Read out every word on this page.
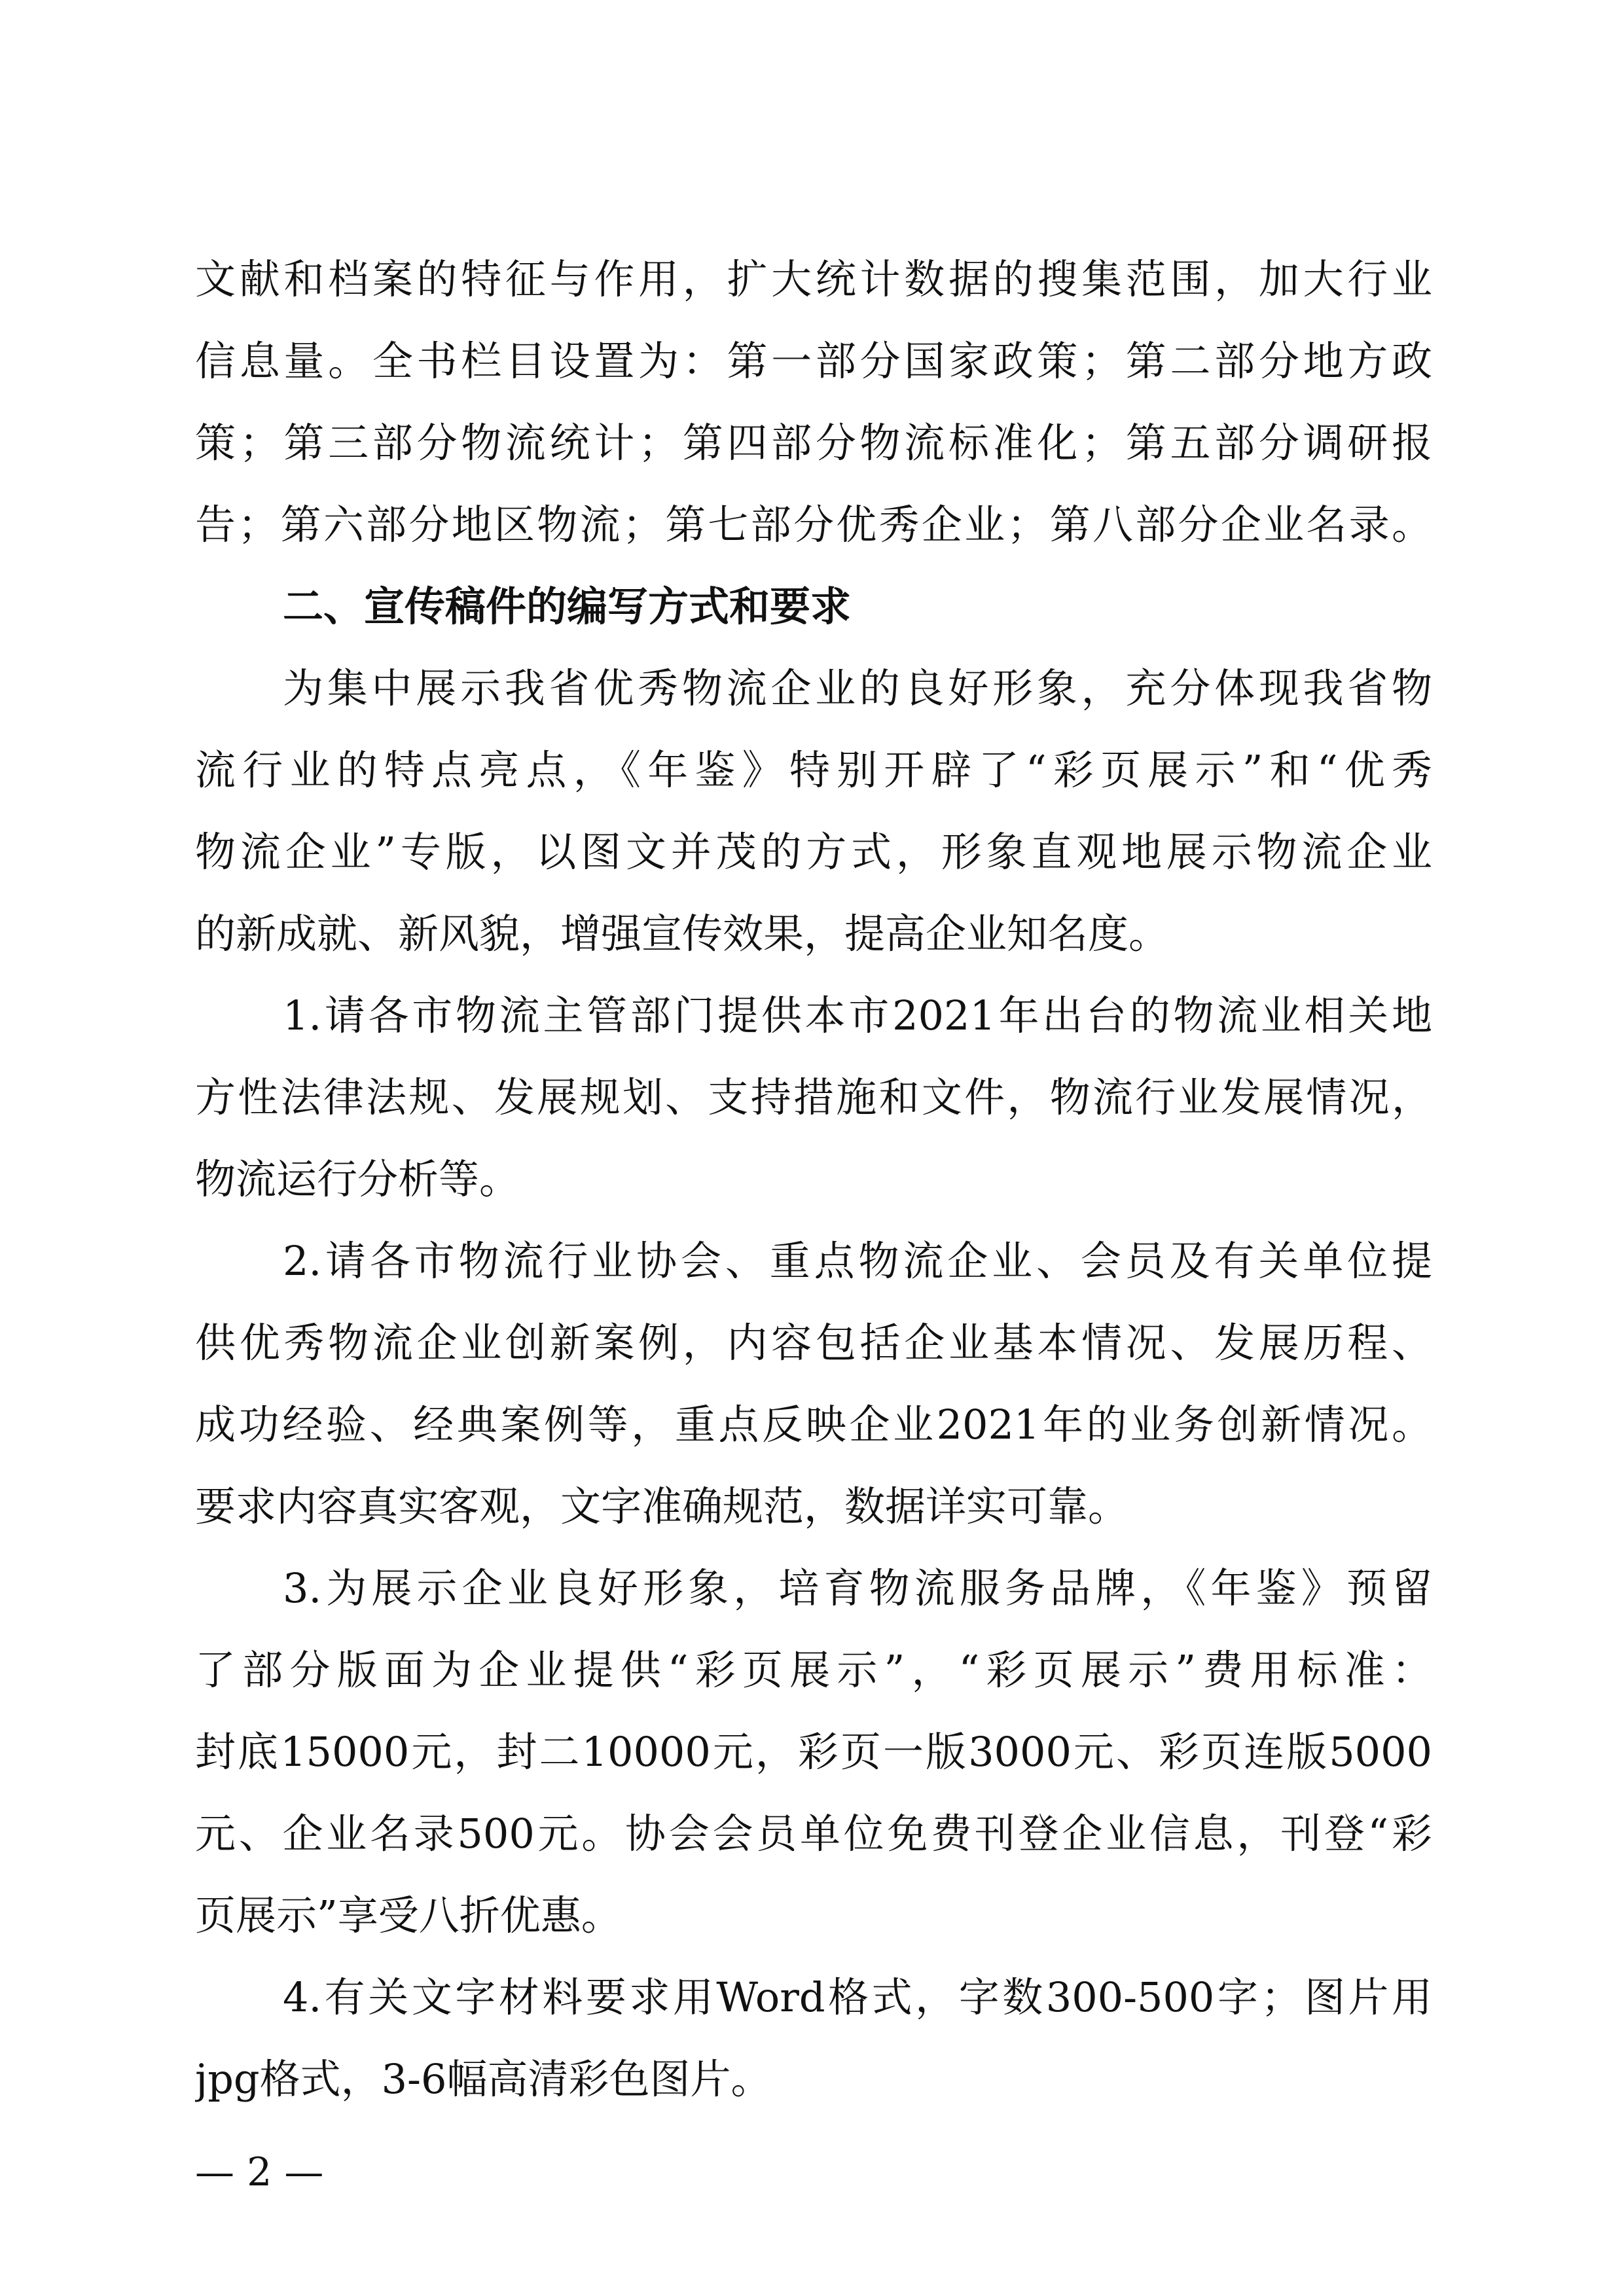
文献和档案的特征与作用，扩大统计数据的搜集范围，加大行业
信息量。全书栏目设置为：第一部分国家政策；第二部分地方政
策；第三部分物流统计；第四部分物流标准化；第五部分调研报
告；第六部分地区物流；第七部分优秀企业；第八部分企业名录。
二、宣传稿件的编写方式和要求
为集中展示我省优秀物流企业的良好形象，充分体现我省物
流行业的特点亮点，《年鉴》特别开辟了“彩页展示”和“优秀
物流企业”专版，以图文并茂的方式，形象直观地展示物流企业
的新成就、新风貌，增强宣传效果，提高企业知名度。
1.请各市物流主管部门提供本市2021年出台的物流业相关地
方性法律法规、发展规划、支持措施和文件，物流行业发展情况，
物流运行分析等。
2.请各市物流行业协会、重点物流企业、会员及有关单位提
供优秀物流企业创新案例，内容包括企业基本情况、发展历程、
成功经验、经典案例等，重点反映企业2021年的业务创新情况。
要求内容真实客观，文字准确规范，数据详实可靠。
3.为展示企业良好形象，培育物流服务品牌，《年鉴》预留
了部分版面为企业提供“彩页展示”，“彩页展示”费用标准：
封底15000元，封二10000元，彩页一版3000元、彩页连版5000
元、企业名录500元。协会会员单位免费刊登企业信息，刊登“彩
页展示”享受八折优惠。
4.有关文字材料要求用Word格式，字数300-500字；图片用
jpg格式，3-6幅高清彩色图片。
— 2 —
